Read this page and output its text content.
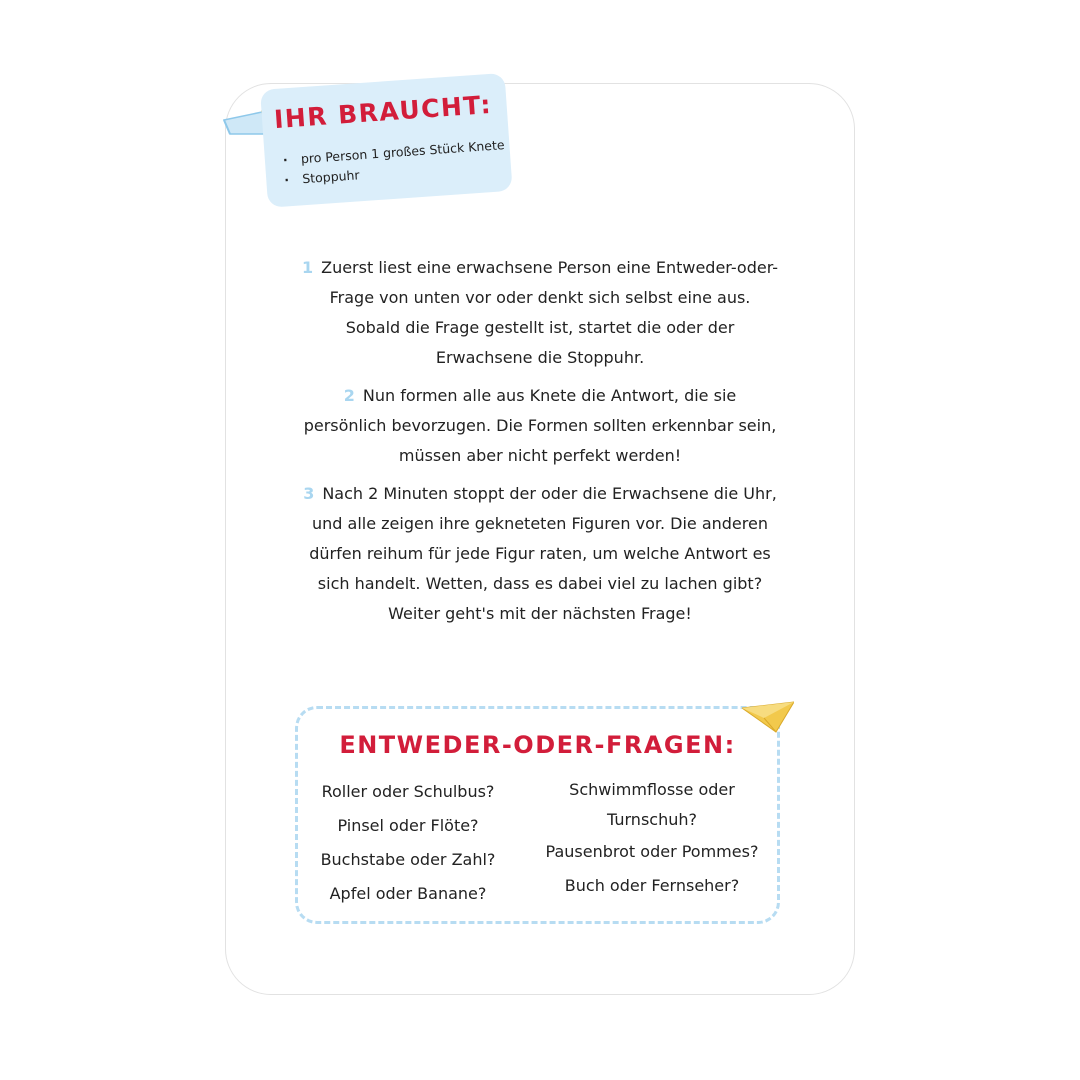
IHR BRAUCHT:
· pro Person 1 großes Stück Knete
· Stoppuhr

1 Zuerst liest eine erwachsene Person eine Entweder-oder-Frage von unten vor oder denkt sich selbst eine aus. Sobald die Frage gestellt ist, startet die oder der Erwachsene die Stoppuhr.

2 Nun formen alle aus Knete die Antwort, die sie persönlich bevorzugen. Die Formen sollten erkennbar sein, müssen aber nicht perfekt werden!

3 Nach 2 Minuten stoppt der oder die Erwachsene die Uhr, und alle zeigen ihre gekneteten Figuren vor. Die anderen dürfen reihum für jede Figur raten, um welche Antwort es sich handelt. Wetten, dass es dabei viel zu lachen gibt? Weiter geht's mit der nächsten Frage!

ENTWEDER-ODER-FRAGEN:
Roller oder Schulbus?
Pinsel oder Flöte?
Buchstabe oder Zahl?
Apfel oder Banane?
Schwimmflosse oder Turnschuh?
Pausenbrot oder Pommes?
Buch oder Fernseher?
